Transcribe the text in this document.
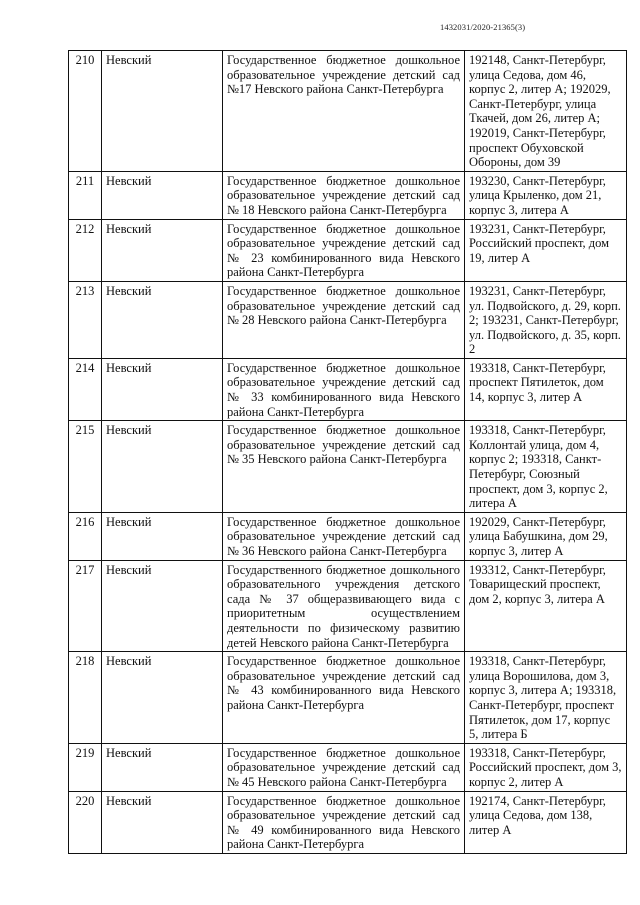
1432031/2020-21365(3)
210	Невский	Государственное бюджетное дошкольное образовательное учреждение детский сад №17 Невского района Санкт-Петербурга	192148, Санкт-Петербург, улица Седова, дом 46, корпус 2, литер А; 192029, Санкт-Петербург, улица Ткачей, дом 26, литер А; 192019, Санкт-Петербург, проспект Обуховской Обороны, дом 39
211	Невский	Государственное бюджетное дошкольное образовательное учреждение детский сад № 18 Невского района Санкт-Петербурга	193230, Санкт-Петербург, улица Крыленко, дом 21, корпус 3, литера А
212	Невский	Государственное бюджетное дошкольное образовательное учреждение детский сад № 23 комбинированного вида Невского района Санкт-Петербурга	193231, Санкт-Петербург, Российский проспект, дом 19, литер А
213	Невский	Государственное бюджетное дошкольное образовательное учреждение детский сад № 28 Невского района Санкт-Петербурга	193231, Санкт-Петербург, ул. Подвойского, д. 29, корп. 2; 193231, Санкт-Петербург, ул. Подвойского, д. 35, корп. 2
214	Невский	Государственное бюджетное дошкольное образовательное учреждение детский сад № 33 комбинированного вида Невского района Санкт-Петербурга	193318, Санкт-Петербург, проспект Пятилеток, дом 14, корпус 3, литер А
215	Невский	Государственное бюджетное дошкольное образовательное учреждение детский сад № 35 Невского района Санкт-Петербурга	193318, Санкт-Петербург, Коллонтай улица, дом 4, корпус 2; 193318, Санкт-Петербург, Союзный проспект, дом 3, корпус 2, литера А
216	Невский	Государственное бюджетное дошкольное образовательное учреждение детский сад № 36 Невского района Санкт-Петербурга	192029, Санкт-Петербург, улица Бабушкина, дом 29, корпус 3, литер А
217	Невский	Государственного бюджетное дошкольного образовательного учреждения детского сада № 37 общеразвивающего вида с приоритетным осуществлением деятельности по физическому развитию детей Невского района Санкт-Петербурга	193312, Санкт-Петербург, Товарищеский проспект, дом 2, корпус 3, литера А
218	Невский	Государственное бюджетное дошкольное образовательное учреждение детский сад № 43 комбинированного вида Невского района Санкт-Петербурга	193318, Санкт-Петербург, улица Ворошилова, дом 3, корпус 3, литера А; 193318, Санкт-Петербург, проспект Пятилеток, дом 17, корпус 5, литера Б
219	Невский	Государственное бюджетное дошкольное образовательное учреждение детский сад № 45 Невского района Санкт-Петербурга	193318, Санкт-Петербург, Российский проспект, дом 3, корпус 2, литер А
220	Невский	Государственное бюджетное дошкольное образовательное учреждение детский сад № 49 комбинированного вида Невского района Санкт-Петербурга	192174, Санкт-Петербург, улица Седова, дом 138, литер А
